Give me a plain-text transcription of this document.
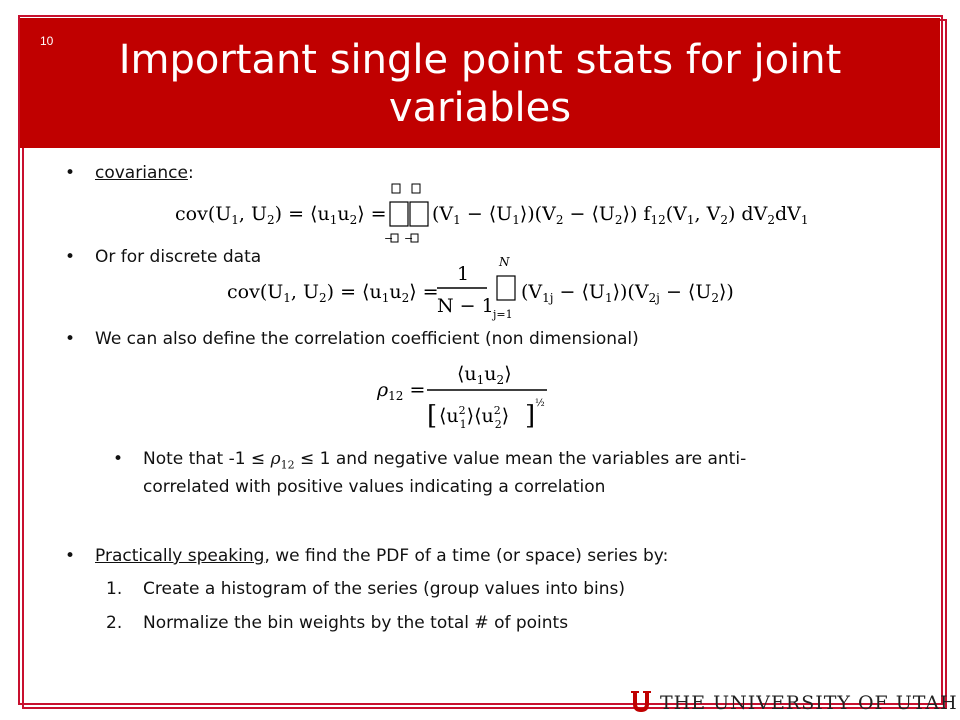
10	Important single point stats for joint variables
• covariance:
$cov(U_1$, $U_2$) = $⟨u_1u_2⟩$ =
− −
($V_1$ − $⟨U_1⟩)(V_2$ − $⟨U_2⟩$) $f_{12}(V_1$, $V_2$) $dV_2dV_1$
• Or for discrete data
$cov(U_1$, $U_2$) = $⟨u_1u_2⟩$ =
1
N − 1
N
j=1
($V_{1j}$ − $⟨U_1⟩)(V_{2j}$ − $⟨U_2⟩$)
• We can also define the correlation coefficient (non dimensional)
$\rho_{12}$ =
$⟨u_1u_2⟩$
[ $⟨u^2$ $1⟩⟨u^2$ 2⟩ ] ½
• Note that $-1 \le \rho_{12} \le 1$ and negative value mean the variables are anti-
correlated with positive values indicating a correlation
• Practically speaking, we find the PDF of a time (or space) series by:
1. Create a histogram of the series (group values into bins)
2. Normalize the bin weights by the total # of points
THE UNIVERSITY OF UTAH
